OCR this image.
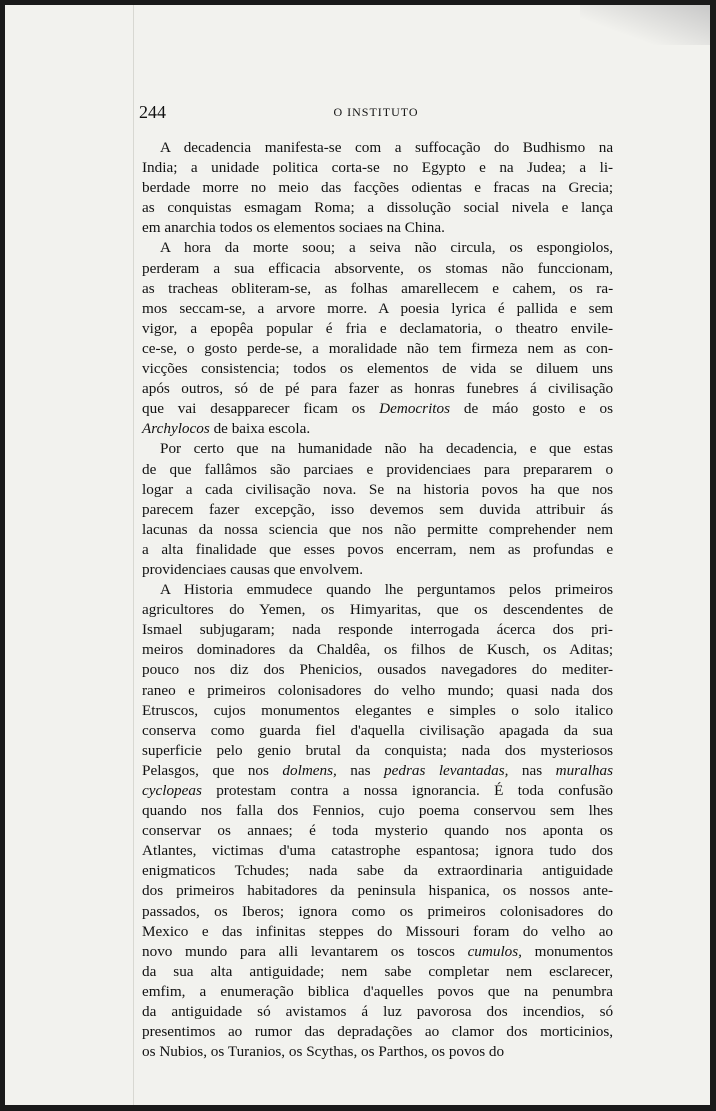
244	O INSTITUTO
A decadencia manifesta-se com a suffocação do Budhismo na
India; a unidade politica corta-se no Egypto e na Judea; a li-
berdade morre no meio das facções odientas e fracas na Grecia;
as conquistas esmagam Roma; a dissolução social nivela e lança
em anarchia todos os elementos sociaes na China.
A hora da morte soou; a seiva não circula, os espongiolos,
perderam a sua efficacia absorvente, os stomas não funccionam,
as tracheas obliteram-se, as folhas amarellecem e cahem, os ra-
mos seccam-se, a arvore morre. A poesia lyrica é pallida e sem
vigor, a epopêa popular é fria e declamatoria, o theatro envile-
ce-se, o gosto perde-se, a moralidade não tem firmeza nem as con-
vicções consistencia; todos os elementos de vida se diluem uns
após outros, só de pé para fazer as honras funebres á civilisação
que vai desapparecer ficam os Democritos de máo gosto e os
Archylocos de baixa escola.
Por certo que na humanidade não ha decadencia, e que estas
de que fallâmos são parciaes e providenciaes para prepararem o
logar a cada civilisação nova. Se na historia povos ha que nos
parecem fazer excepção, isso devemos sem duvida attribuir ás
lacunas da nossa sciencia que nos não permitte comprehender nem
a alta finalidade que esses povos encerram, nem as profundas e
providenciaes causas que envolvem.
A Historia emmudece quando lhe perguntamos pelos primeiros
agricultores do Yemen, os Himyaritas, que os descendentes de
Ismael subjugaram; nada responde interrogada ácerca dos pri-
meiros dominadores da Chaldêa, os filhos de Kusch, os Aditas;
pouco nos diz dos Phenicios, ousados navegadores do mediter-
raneo e primeiros colonisadores do velho mundo; quasi nada dos
Etruscos, cujos monumentos elegantes e simples o solo italico
conserva como guarda fiel d'aquella civilisação apagada da sua
superficie pelo genio brutal da conquista; nada dos mysteriosos
Pelasgos, que nos dolmens, nas pedras levantadas, nas muralhas
cyclopeas protestam contra a nossa ignorancia. É toda confusão
quando nos falla dos Fennios, cujo poema conservou sem lhes
conservar os annaes; é toda mysterio quando nos aponta os
Atlantes, victimas d'uma catastrophe espantosa; ignora tudo dos
enigmaticos Tchudes; nada sabe da extraordinaria antiguidade
dos primeiros habitadores da peninsula hispanica, os nossos ante-
passados, os Iberos; ignora como os primeiros colonisadores do
Mexico e das infinitas steppes do Missouri foram do velho ao
novo mundo para alli levantarem os toscos cumulos, monumentos
da sua alta antiguidade; nem sabe completar nem esclarecer,
emfim, a enumeração biblica d'aquelles povos que na penumbra
da antiguidade só avistamos á luz pavorosa dos incendios, só
presentimos ao rumor das depradações ao clamor dos morticinios,
os Nubios, os Turanios, os Scythas, os Parthos, os povos do
